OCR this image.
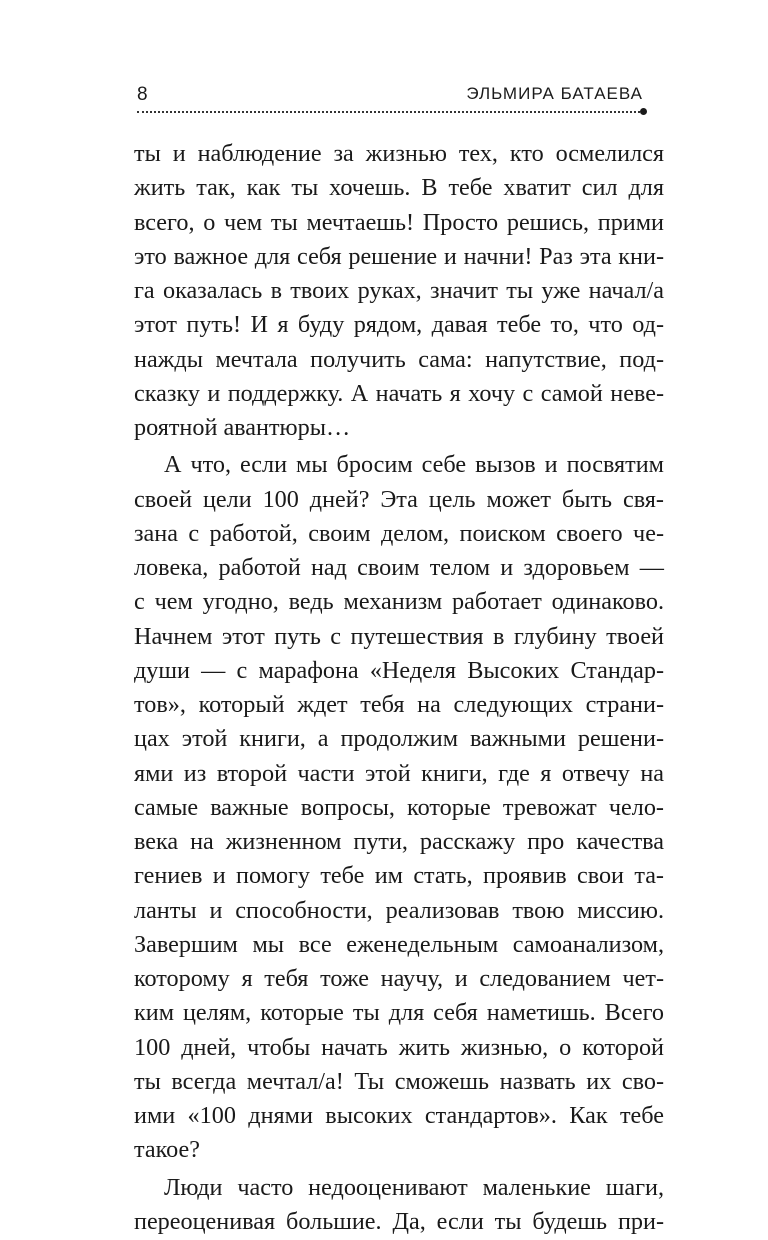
8	ЭЛЬМИРА БАТАЕВА
ты и наблюдение за жизнью тех, кто осмелился
жить так, как ты хочешь. В тебе хватит сил для
всего, о чем ты мечтаешь! Просто решись, прими
это важное для себя решение и начни! Раз эта кни-
га оказалась в твоих руках, значит ты уже начал/а
этот путь! И я буду рядом, давая тебе то, что од-
нажды мечтала получить сама: напутствие, под-
сказку и поддержку. А начать я хочу с самой неве-
роятной авантюры…
А что, если мы бросим себе вызов и посвятим
своей цели 100 дней? Эта цель может быть свя-
зана с работой, своим делом, поиском своего че-
ловека, работой над своим телом и здоровьем —
с чем угодно, ведь механизм работает одинаково.
Начнем этот путь с путешествия в глубину твоей
души — с марафона «Неделя Высоких Стандар-
тов», который ждет тебя на следующих страни-
цах этой книги, а продолжим важными решени-
ями из второй части этой книги, где я отвечу на
самые важные вопросы, которые тревожат чело-
века на жизненном пути, расскажу про качества
гениев и помогу тебе им стать, проявив свои та-
ланты и способности, реализовав твою миссию.
Завершим мы все еженедельным самоанализом,
которому я тебя тоже научу, и следованием чет-
ким целям, которые ты для себя наметишь. Всего
100 дней, чтобы начать жить жизнью, о которой
ты всегда мечтал/а! Ты сможешь назвать их сво-
ими «100 днями высоких стандартов». Как тебе
такое?
Люди часто недооценивают маленькие шаги,
переоценивая большие. Да, если ты будешь при-
